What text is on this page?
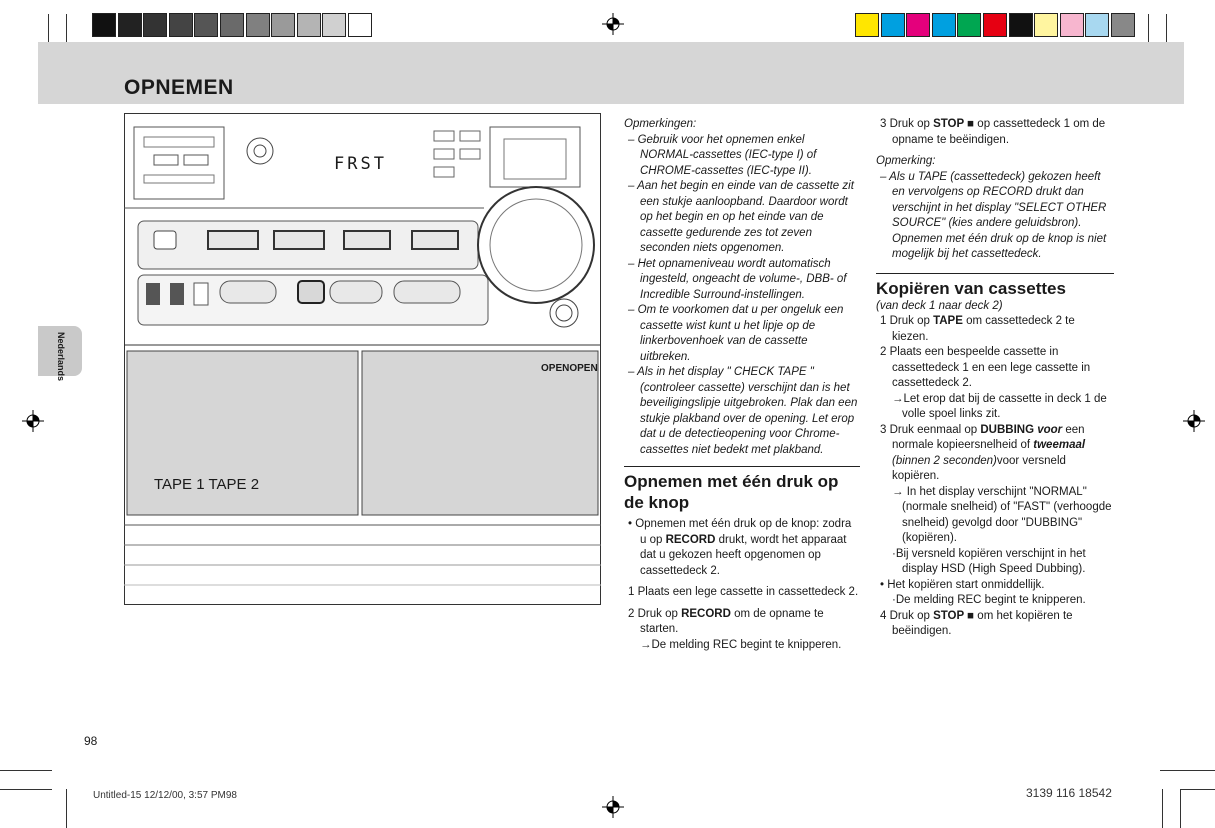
OPNEMEN
Nederlands
FRST
OPENOPEN
TAPE 1 TAPE 2
Opmerkingen:
– Gebruik voor het opnemen enkel NORMAL-cassettes (IEC-type I) of CHROME-cassettes (IEC-type II).
– Aan het begin en einde van de cassette zit een stukje aanloopband. Daardoor wordt op het begin en op het einde van de cassette gedurende zes tot zeven seconden niets opgenomen.
– Het opnameniveau wordt automatisch ingesteld, ongeacht de volume-, DBB- of Incredible Surround-instellingen.
– Om te voorkomen dat u per ongeluk een cassette wist kunt u het lipje op de linkerbovenhoek van de cassette uitbreken.
– Als in het display " CHECK TAPE " (controleer cassette) verschijnt dan is het beveiligingslipje uitgebroken. Plak dan een stukje plakband over de opening. Let erop dat u de detectieopening voor Chrome-cassettes niet bedekt met plakband.
Opnemen met één druk op de knop
• Opnemen met één druk op de knop: zodra u op RECORD drukt, wordt het apparaat dat u gekozen heeft opgenomen op cassettedeck 2.
1 Plaats een lege cassette in cassettedeck 2.
2 Druk op RECORD om de opname te starten.
→De melding REC begint te knipperen.
3 Druk op STOP ■ op cassettedeck 1 om de opname te beëindigen.
Opmerking:
– Als u TAPE (cassettedeck) gekozen heeft en vervolgens op RECORD drukt dan verschijnt in het display "SELECT OTHER SOURCE" (kies andere geluidsbron). Opnemen met één druk op de knop is niet mogelijk bij het cassettedeck.
Kopiëren van cassettes
(van deck 1 naar deck 2)
1 Druk op TAPE om cassettedeck 2 te kiezen.
2 Plaats een bespeelde cassette in cassettedeck 1 en een lege cassette in cassettedeck 2.
→Let erop dat bij de cassette in deck 1 de volle spoel links zit.
3 Druk eenmaal op DUBBING voor een normale kopieersnelheid of tweemaal (binnen 2 seconden)voor versneld kopiëren.
→ In het display verschijnt "NORMAL" (normale snelheid) of "FAST" (verhoogde snelheid) gevolgd door "DUBBING" (kopiëren).
·Bij versneld kopiëren verschijnt in het display HSD (High Speed Dubbing).
• Het kopiëren start onmiddellijk.
·De melding REC begint te knipperen.
4 Druk op STOP ■ om het kopiëren te beëindigen.
98
Untitled-15 12/12/00, 3:57 PM98	3139 116 18542
